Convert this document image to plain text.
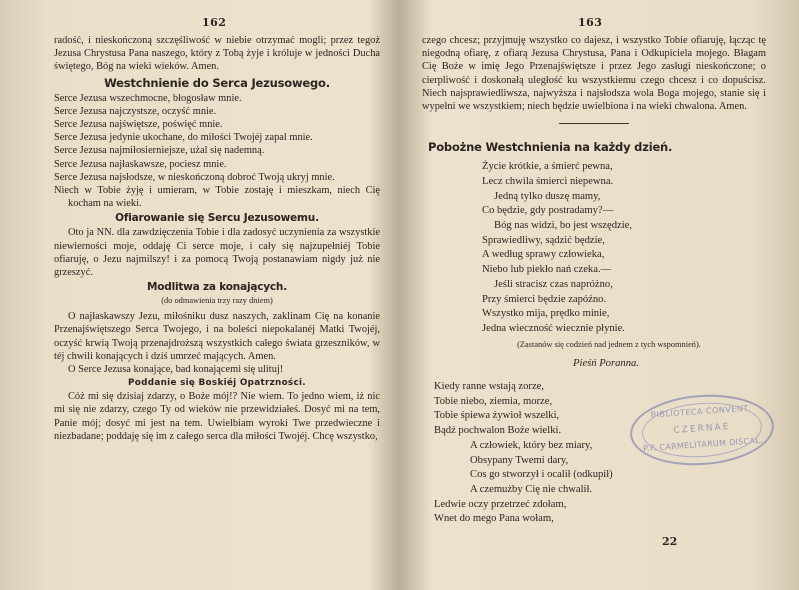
162

radość, i nieskończoną szczęśliwość w niebie otrzymać mogli; przez tegoż Jezusa Chrystusa Pana naszego, który z Tobą żyje i króluje w jedności Ducha świętego, Bóg na wieki wieków. Amen.

Westchnienie do Serca Jezusowego.

Serce Jezusa wszechmocne, błogosław mnie.

Serce Jezusa najczystsze, oczyść mnie.

Serce Jezusa najświętsze, poświęć mnie.

Serce Jezusa jedynie ukochane, do miłości Twojéj zapal mnie.

Serce Jezusa najmiłosierniejsze, użal się nademną.

Serce Jezusa najłaskawsze, pociesz mnie.

Serce Jezusa najsłodsze, w nieskończoną dobroć Twoją ukryj mnie.

Niech w Tobie żyję i umieram, w Tobie zostaję i mieszkam, niech Cię kocham na wieki.

Ofiarowanie się Sercu Jezusowemu.

Oto ja NN. dla zawdzięczenia Tobie i dla zadosyć uczynienia za wszystkie niewierności moje, oddaję Ci serce moje, i cały się najzupełniéj Tobie ofiaruję, o Jezu najmilszy! i za pomocą Twoją postanawiam nigdy już nie grzeszyć.

Modlitwa za konających.

(do odmawienia trzy razy dniem)

O najłaskawszy Jezu, miłośniku dusz naszych, zaklinam Cię na konanie Przenajświętszego Serca Twojego, i na boleści niepokalanéj Matki Twojéj, oczyść krwią Twoją przenajdroższą wszystkich całego świata grzeszników, w téj chwili konających i dziś umrzeć mających. Amen.

O Serce Jezusa konające, bad konającemi się ulituj!

Poddanie się Boskiéj Opatrzności.

Cóż mi się dzisiaj zdarzy, o Boże mój!? Nie wiem. To jedno wiem, iż nic mi się nie zdarzy, czego Ty od wieków nie przewidziałeś. Dosyć mi na tem, Panie mój; dosyć mi jest na tem. Uwielbiam wyroki Twe przedwieczne i niezbadane; poddaję się im z całego serca dla miłości Twojéj. Chcę wszystko,

163

czego chcesz; przyjmuję wszystko co dajesz, i wszystko Tobie ofiaruję, łącząc tę niegodną ofiarę, z ofiarą Jezusa Chrystusa, Pana i Odkupiciela mojego. Błagam Cię Boże w imię Jego Przenajświętsze i przez Jego zasługi nieskończone; o cierpliwość i doskonałą uległość ku wszystkiemu czego chcesz i co dopuścisz. Niech najsprawiedliwsza, najwyższa i najsłodsza wola Boga mojego, stanie się i wypełni we wszystkiem; niech będzie uwielbiona i na wieki chwalona. Amen.

Pobożne Westchnienia na każdy dzień.

Życie krótkie, a śmierć pewna,

Lecz chwila śmierci niepewna.

Jedną tylko duszę mamy,

Co będzie, gdy postradamy?—

Bóg nas widzi, bo jest wszędzie,

Sprawiedliwy, sądzić będzie,

A według sprawy człowieka,

Niebo lub piekło nań czeka.—

Jeśli stracisz czas napróżno,

Przy śmierci będzie zapóźno.

Wszystko mija, prędko minie,

Jedna wieczność wiecznie płynie.

(Zastanów się codzień nad jednem z tych wspomnień).

Pieśń Poranna.

Kiedy ranne wstają zorze,

Tobie niebo, ziemia, morze,

Tobie śpiewa żywioł wszelki,

Bądź pochwalon Boże wielki.

A człowiek, który bez miary,

Obsypany Twemi dary,

Cos go stworzył i ocalił (odkupił)

A czemużby Cię nie chwalił.

Ledwie oczy przetrzeć zdołam,

Wnet do mego Pana wołam,

BIBLIOTECA CONVENT.
CZERNAE
P.P. CARMELITARUM DISCAL.
22
